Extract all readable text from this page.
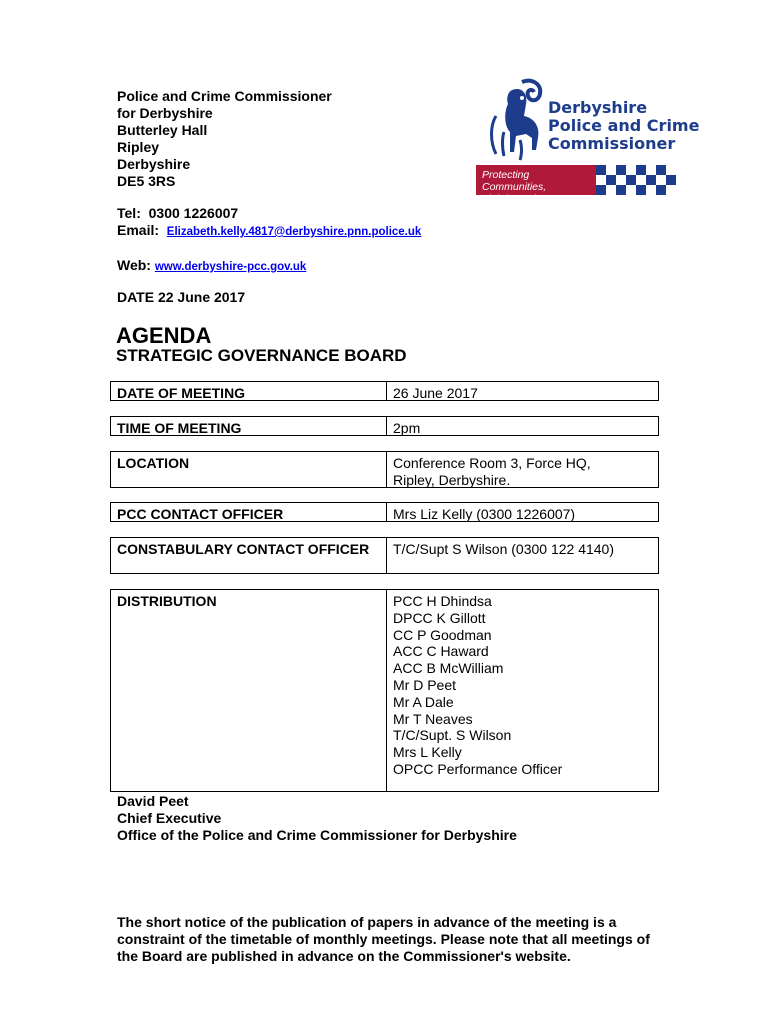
Police and Crime Commissioner
for Derbyshire
Butterley Hall
Ripley
Derbyshire
DE5 3RS
Tel: 0300 1226007
Email: Elizabeth.kelly.4817@derbyshire.pnn.police.uk
Web: www.derbyshire-pcc.gov.uk
DATE 22 June 2017
Derbyshire
Police and Crime
Commissioner
Protecting Communities,
Fighting Crime
AGENDA
STRATEGIC GOVERNANCE BOARD
DATE OF MEETING	26 June 2017
TIME OF MEETING	2pm
LOCATION	Conference Room 3, Force HQ,
Ripley, Derbyshire.
PCC CONTACT OFFICER	Mrs Liz Kelly (0300 1226007)
CONSTABULARY CONTACT OFFICER	T/C/Supt S Wilson (0300 122 4140)
DISTRIBUTION	PCC H Dhindsa
DPCC K Gillott
CC P Goodman
ACC C Haward
ACC B McWilliam
Mr D Peet
Mr A Dale
Mr T Neaves
T/C/Supt. S Wilson
Mrs L Kelly
OPCC Performance Officer
David Peet
Chief Executive
Office of the Police and Crime Commissioner for Derbyshire
The short notice of the publication of papers in advance of the meeting is a constraint of the timetable of monthly meetings. Please note that all meetings of the Board are published in advance on the Commissioner's website.
